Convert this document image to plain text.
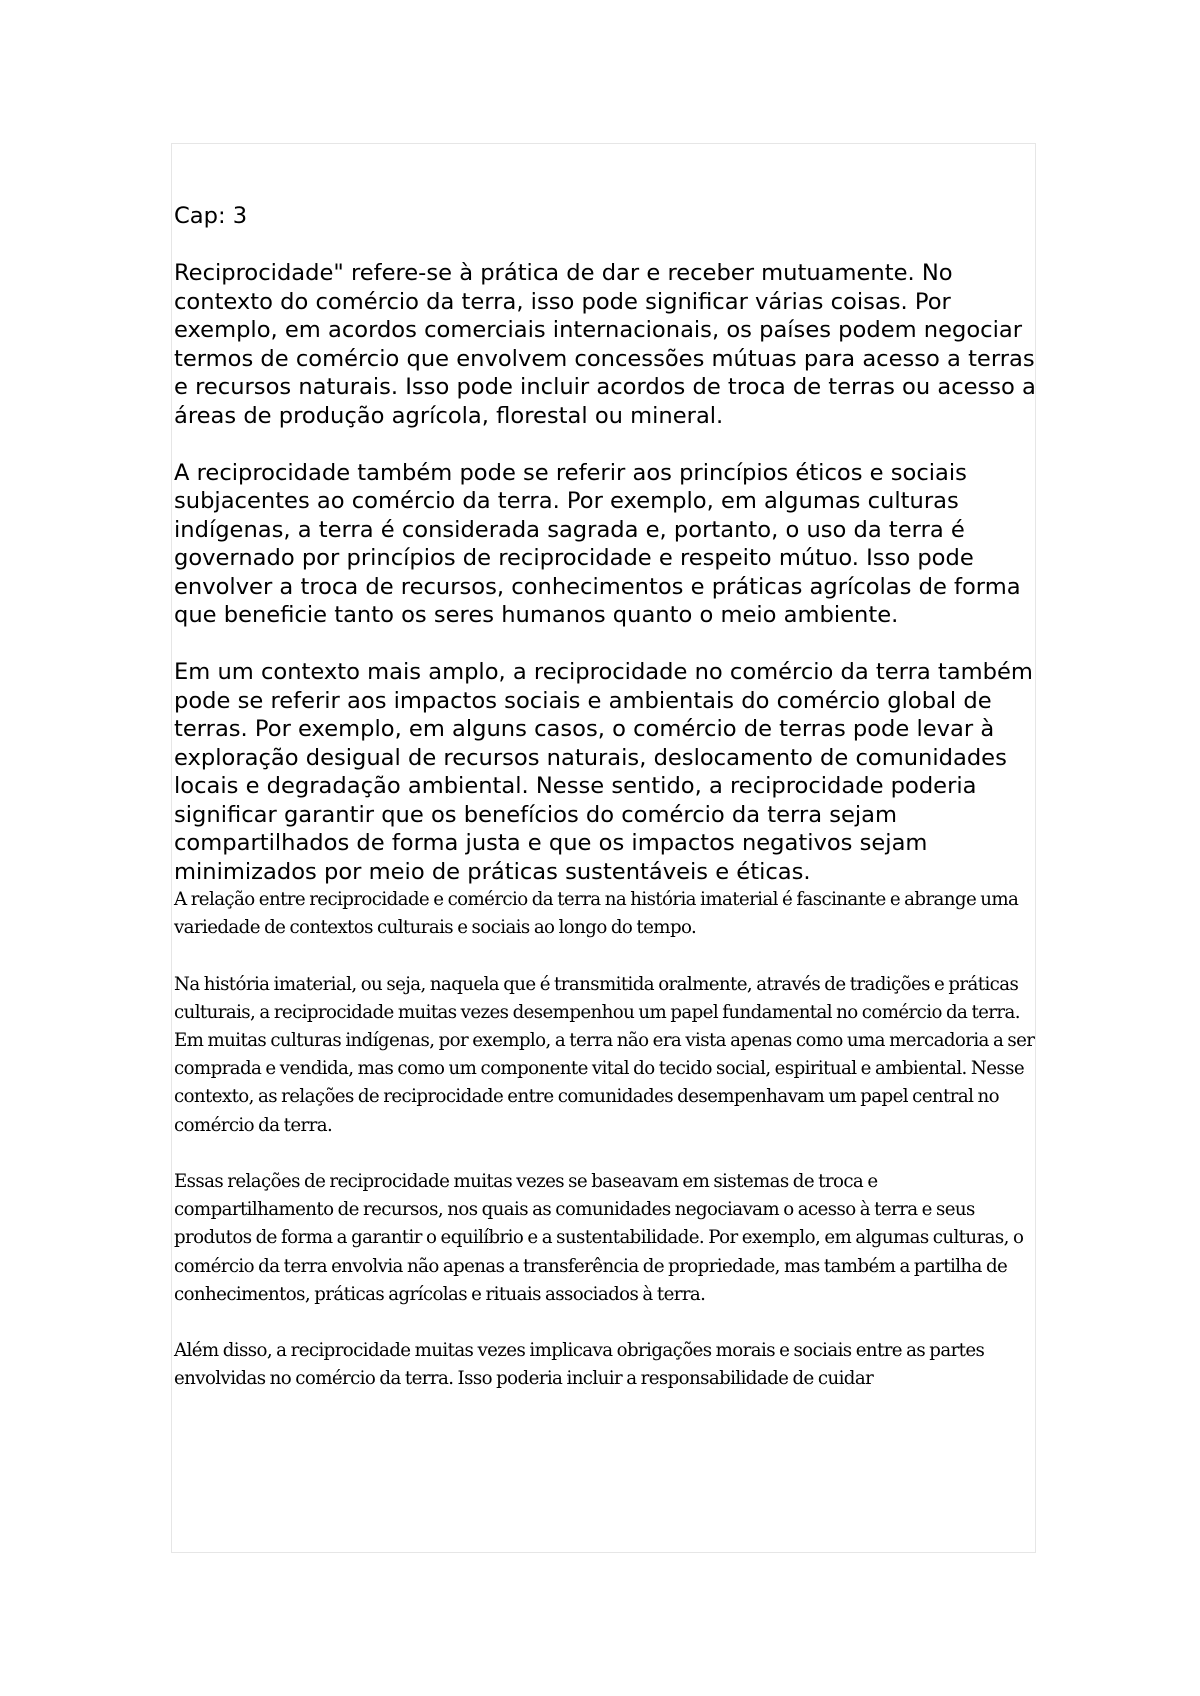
Cap: 3

Reciprocidade" refere-se à prática de dar e receber mutuamente. No contexto do comércio da terra, isso pode significar várias coisas. Por exemplo, em acordos comerciais internacionais, os países podem negociar termos de comércio que envolvem concessões mútuas para acesso a terras e recursos naturais. Isso pode incluir acordos de troca de terras ou acesso a áreas de produção agrícola, florestal ou mineral.

A reciprocidade também pode se referir aos princípios éticos e sociais subjacentes ao comércio da terra. Por exemplo, em algumas culturas indígenas, a terra é considerada sagrada e, portanto, o uso da terra é governado por princípios de reciprocidade e respeito mútuo. Isso pode envolver a troca de recursos, conhecimentos e práticas agrícolas de forma que beneficie tanto os seres humanos quanto o meio ambiente.

Em um contexto mais amplo, a reciprocidade no comércio da terra também pode se referir aos impactos sociais e ambientais do comércio global de terras. Por exemplo, em alguns casos, o comércio de terras pode levar à exploração desigual de recursos naturais, deslocamento de comunidades locais e degradação ambiental. Nesse sentido, a reciprocidade poderia significar garantir que os benefícios do comércio da terra sejam compartilhados de forma justa e que os impactos negativos sejam minimizados por meio de práticas sustentáveis e éticas.

A relação entre reciprocidade e comércio da terra na história imaterial é fascinante e abrange uma variedade de contextos culturais e sociais ao longo do tempo.

Na história imaterial, ou seja, naquela que é transmitida oralmente, através de tradições e práticas culturais, a reciprocidade muitas vezes desempenhou um papel fundamental no comércio da terra. Em muitas culturas indígenas, por exemplo, a terra não era vista apenas como uma mercadoria a ser comprada e vendida, mas como um componente vital do tecido social, espiritual e ambiental. Nesse contexto, as relações de reciprocidade entre comunidades desempenhavam um papel central no comércio da terra.

Essas relações de reciprocidade muitas vezes se baseavam em sistemas de troca e compartilhamento de recursos, nos quais as comunidades negociavam o acesso à terra e seus produtos de forma a garantir o equilíbrio e a sustentabilidade. Por exemplo, em algumas culturas, o comércio da terra envolvia não apenas a transferência de propriedade, mas também a partilha de conhecimentos, práticas agrícolas e rituais associados à terra.

Além disso, a reciprocidade muitas vezes implicava obrigações morais e sociais entre as partes envolvidas no comércio da terra. Isso poderia incluir a responsabilidade de cuidar
